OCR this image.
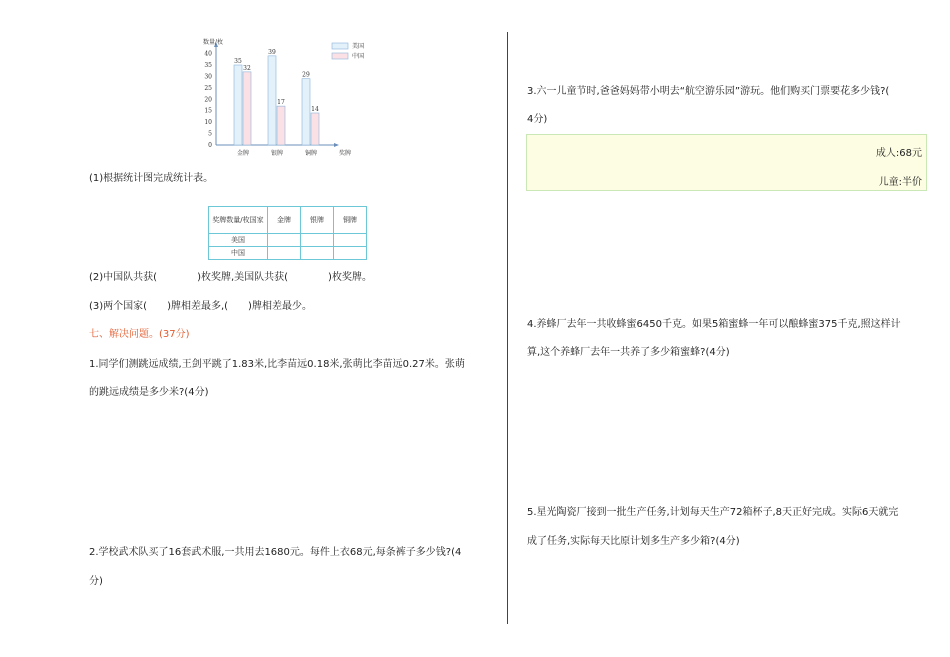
数量/枚
0
5
10
15
20
25
30
35
40
35
32
金牌
39
17
银牌
29
14
铜牌	奖牌
美国
中国
(1)根据统计图完成统计表。
奖牌数量/枚国家	金牌	银牌	铜牌
美国			
中国			
(2)中国队共获(　　　　)枚奖牌,美国队共获(　　　　)枚奖牌。
(3)两个国家(　　)牌相差最多,(　　)牌相差最少。
七、解决问题。(37分)
1.同学们测跳远成绩,王剑平跳了1.83米,比李苗远0.18米,张萌比李苗远0.27米。张萌
的跳远成绩是多少米?(4分)
2.学校武术队买了16套武术服,一共用去1680元。每件上衣68元,每条裤子多少钱?(4
分)
3.六一儿童节时,爸爸妈妈带小明去“航空游乐园”游玩。他们购买门票要花多少钱?(
4分)
成人:68元
儿童:半价
4.养蜂厂去年一共收蜂蜜6450千克。如果5箱蜜蜂一年可以酿蜂蜜375千克,照这样计
算,这个养蜂厂去年一共养了多少箱蜜蜂?(4分)
5.星光陶瓷厂接到一批生产任务,计划每天生产72箱杯子,8天正好完成。实际6天就完
成了任务,实际每天比原计划多生产多少箱?(4分)
